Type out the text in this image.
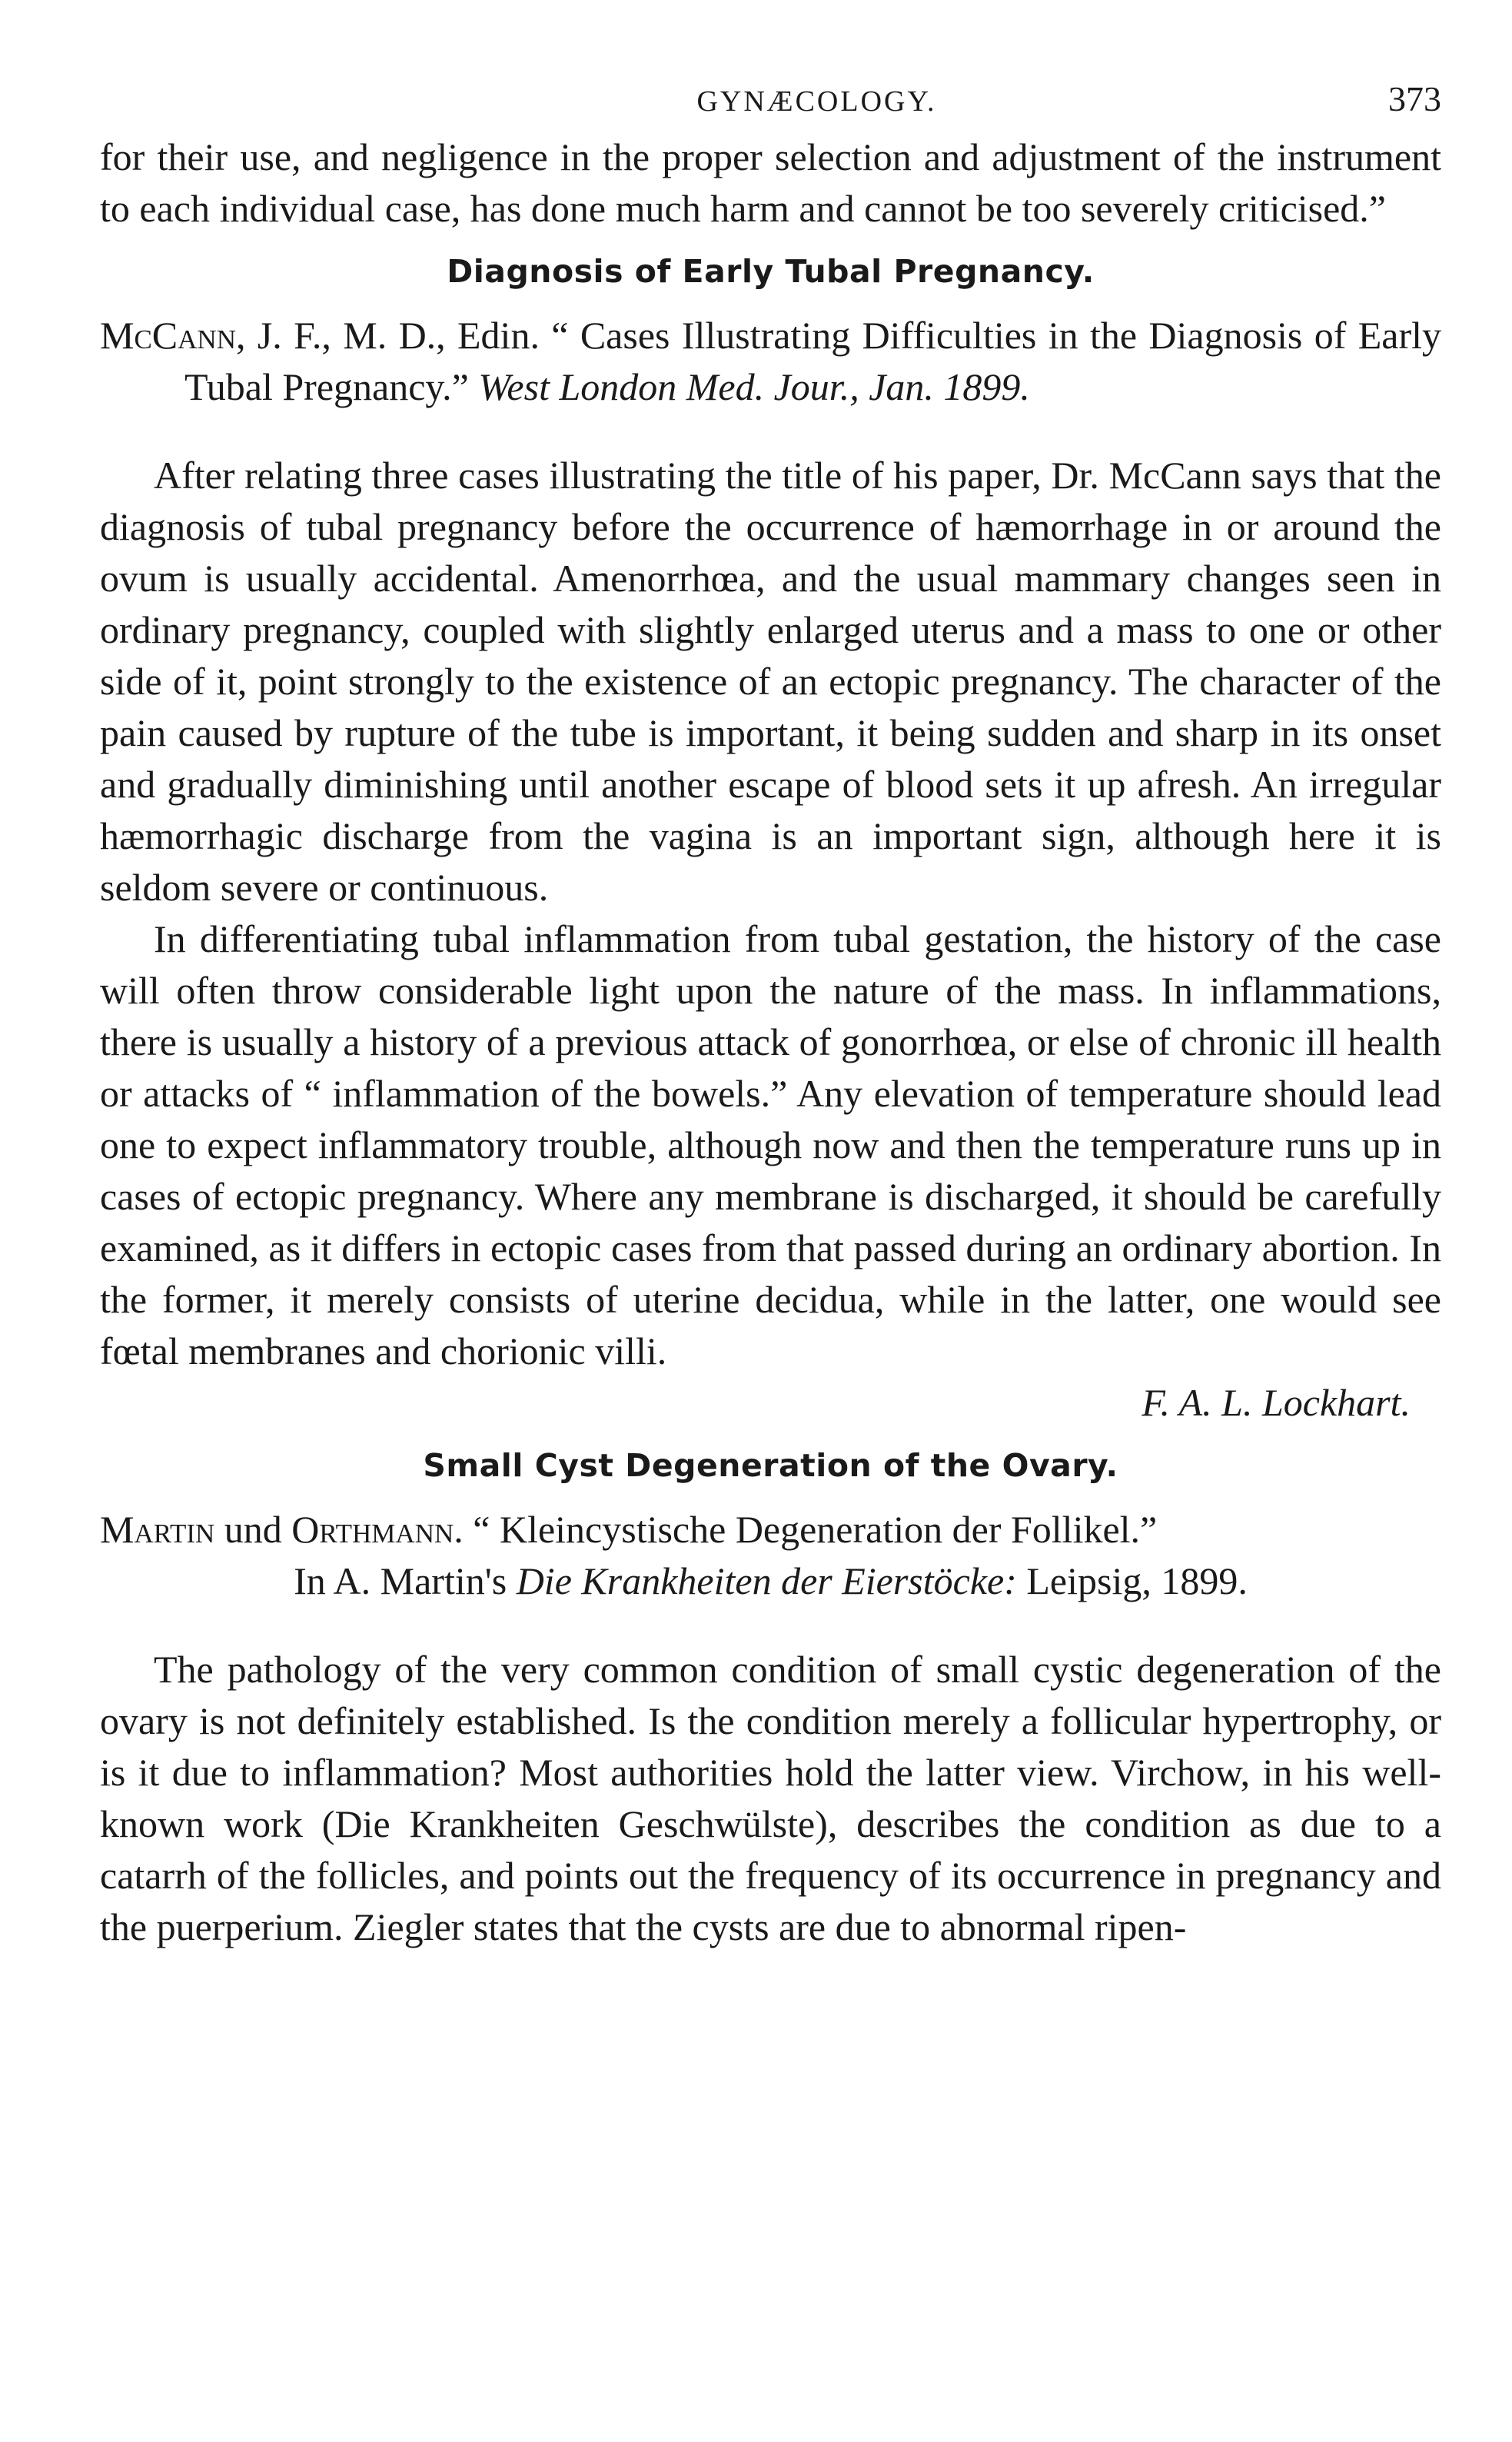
GYNÆCOLOGY.	373

for their use, and negligence in the proper selection and adjustment of the instrument to each individual case, has done much harm and cannot be too severely criticised.”

Diagnosis of Early Tubal Pregnancy.

McCann, J. F., M. D., Edin. “ Cases Illustrating Difficulties in the Diagnosis of Early Tubal Pregnancy.” West London Med. Jour., Jan. 1899.

After relating three cases illustrating the title of his paper, Dr. McCann says that the diagnosis of tubal pregnancy before the occurrence of hæmorrhage in or around the ovum is usually accidental. Amenorrhœa, and the usual mammary changes seen in ordinary pregnancy, coupled with slightly enlarged uterus and a mass to one or other side of it, point strongly to the existence of an ectopic pregnancy. The character of the pain caused by rupture of the tube is important, it being sudden and sharp in its onset and gradually diminishing until another escape of blood sets it up afresh. An irregular hæmorrhagic discharge from the vagina is an important sign, although here it is seldom severe or continuous.

In differentiating tubal inflammation from tubal gestation, the history of the case will often throw considerable light upon the nature of the mass. In inflammations, there is usually a history of a previous attack of gonorrhœa, or else of chronic ill health or attacks of “ inflammation of the bowels.” Any elevation of temperature should lead one to expect inflammatory trouble, although now and then the temperature runs up in cases of ectopic pregnancy. Where any membrane is discharged, it should be carefully examined, as it differs in ectopic cases from that passed during an ordinary abortion. In the former, it merely consists of uterine decidua, while in the latter, one would see fœtal membranes and chorionic villi.

F. A. L. Lockhart.

Small Cyst Degeneration of the Ovary.

Martin und Orthmann. “ Kleincystische Degeneration der Follikel.”

In A. Martin's Die Krankheiten der Eierstöcke: Leipsig, 1899.

The pathology of the very common condition of small cystic degeneration of the ovary is not definitely established. Is the condition merely a follicular hypertrophy, or is it due to inflammation? Most authorities hold the latter view. Virchow, in his well-known work (Die Krankheiten Geschwülste), describes the condition as due to a catarrh of the follicles, and points out the frequency of its occurrence in pregnancy and the puerperium. Ziegler states that the cysts are due to abnormal ripen-
